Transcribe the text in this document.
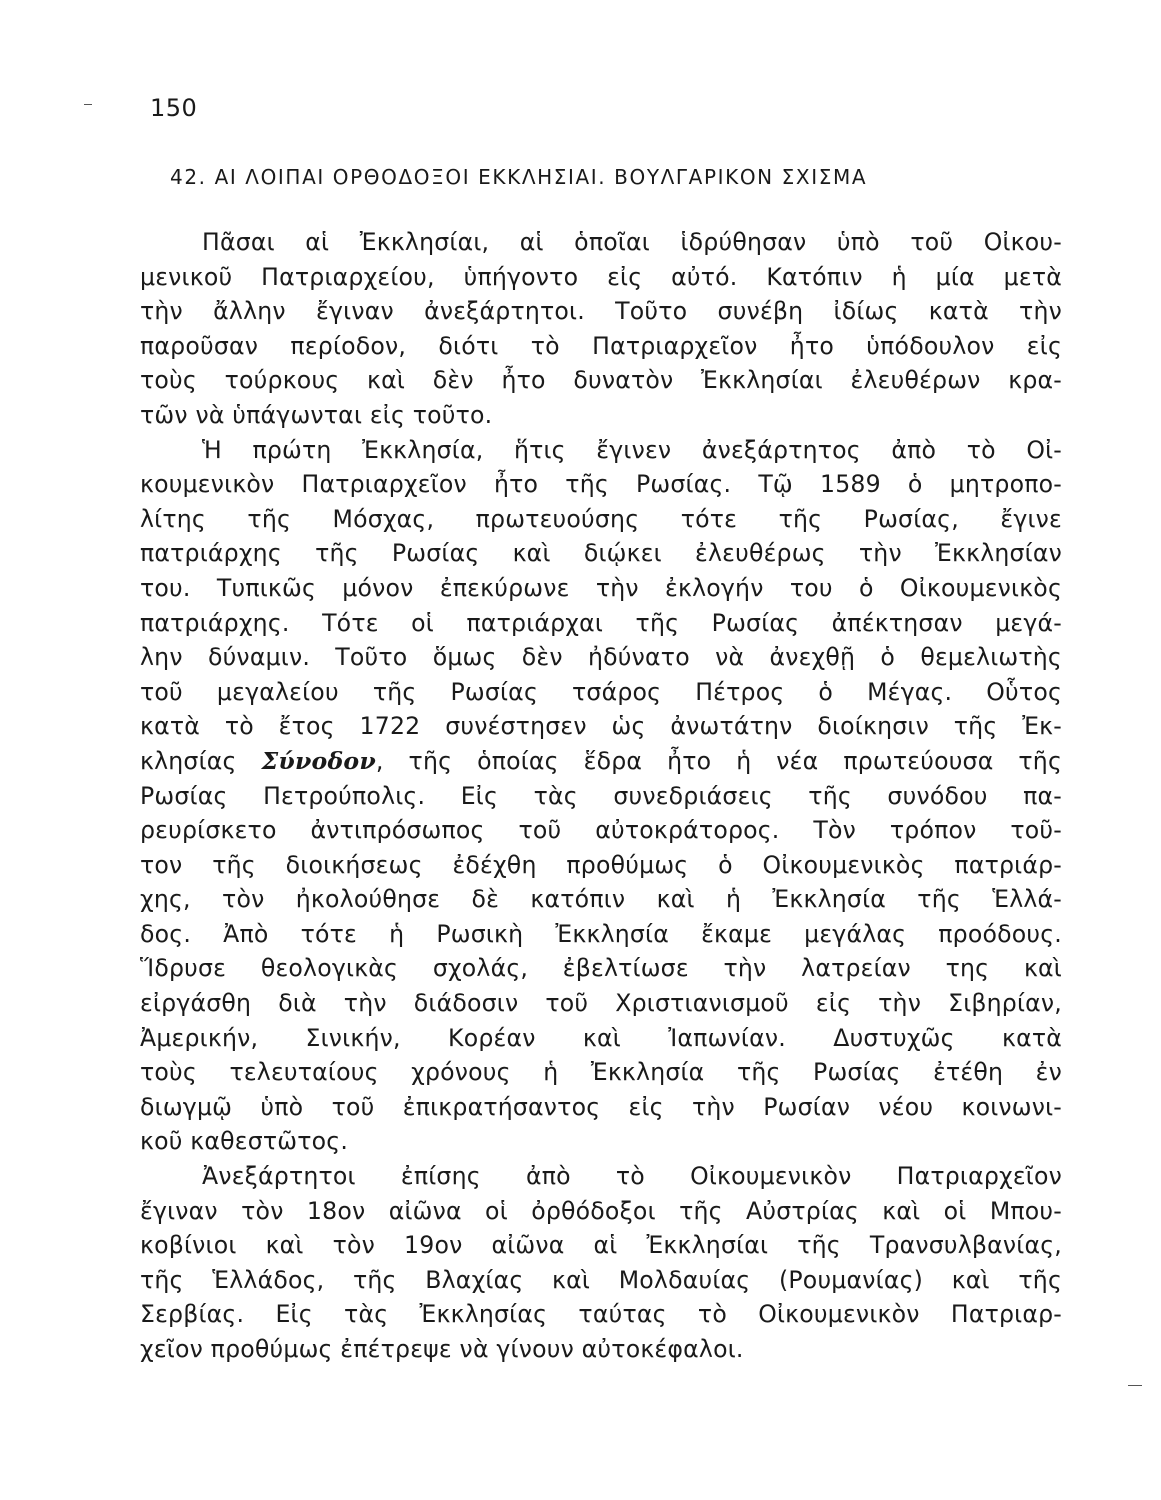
150
42. ΑΙ ΛΟΙΠΑΙ ΟΡΘΟΔΟΞΟΙ ΕΚΚΛΗΣΙΑΙ. ΒΟΥΛΓΑΡΙΚΟΝ ΣΧΙΣΜΑ
Πᾶσαι αἱ Ἐκκλησίαι, αἱ ὁποῖαι ἱδρύθησαν ὑπὸ τοῦ Οἰκου-
μενικοῦ Πατριαρχείου, ὑπήγοντο εἰς αὐτό. Κατόπιν ἡ μία μετὰ
τὴν ἄλλην ἔγιναν ἀνεξάρτητοι. Τοῦτο συνέβη ἰδίως κατὰ τὴν
παροῦσαν περίοδον, διότι τὸ Πατριαρχεῖον ἦτο ὑπόδουλον εἰς
τοὺς τούρκους καὶ δὲν ἦτο δυνατὸν Ἐκκλησίαι ἐλευθέρων κρα-
τῶν νὰ ὑπάγωνται εἰς τοῦτο.
Ἡ πρώτη Ἐκκλησία, ἥτις ἔγινεν ἀνεξάρτητος ἀπὸ τὸ Οἰ-
κουμενικὸν Πατριαρχεῖον ἦτο τῆς Ρωσίας. Τῷ 1589 ὁ μητροπο-
λίτης τῆς Μόσχας, πρωτευούσης τότε τῆς Ρωσίας, ἔγινε
πατριάρχης τῆς Ρωσίας καὶ διῴκει ἐλευθέρως τὴν Ἐκκλησίαν
του. Τυπικῶς μόνον ἐπεκύρωνε τὴν ἐκλογήν του ὁ Οἰκουμενικὸς
πατριάρχης. Τότε οἱ πατριάρχαι τῆς Ρωσίας ἀπέκτησαν μεγά-
λην δύναμιν. Τοῦτο ὅμως δὲν ἠδύνατο νὰ ἀνεχθῇ ὁ θεμελιωτὴς
τοῦ μεγαλείου τῆς Ρωσίας τσάρος Πέτρος ὁ Μέγας. Οὗτος
κατὰ τὸ ἔτος 1722 συνέστησεν ὡς ἀνωτάτην διοίκησιν τῆς Ἐκ-
κλησίας Σύνοδον, τῆς ὁποίας ἕδρα ἦτο ἡ νέα πρωτεύουσα τῆς
Ρωσίας Πετρούπολις. Εἰς τὰς συνεδριάσεις τῆς συνόδου πα-
ρευρίσκετο ἀντιπρόσωπος τοῦ αὐτοκράτορος. Τὸν τρόπον τοῦ-
τον τῆς διοικήσεως ἐδέχθη προθύμως ὁ Οἰκουμενικὸς πατριάρ-
χης, τὸν ἠκολούθησε δὲ κατόπιν καὶ ἡ Ἐκκλησία τῆς Ἑλλά-
δος. Ἀπὸ τότε ἡ Ρωσικὴ Ἐκκλησία ἔκαμε μεγάλας προόδους.
Ἵδρυσε θεολογικὰς σχολάς, ἐβελτίωσε τὴν λατρείαν της καὶ
εἰργάσθη διὰ τὴν διάδοσιν τοῦ Χριστιανισμοῦ εἰς τὴν Σιβηρίαν,
Ἀμερικήν, Σινικήν, Κορέαν καὶ Ἰαπωνίαν. Δυστυχῶς κατὰ
τοὺς τελευταίους χρόνους ἡ Ἐκκλησία τῆς Ρωσίας ἐτέθη ἐν
διωγμῷ ὑπὸ τοῦ ἐπικρατήσαντος εἰς τὴν Ρωσίαν νέου κοινωνι-
κοῦ καθεστῶτος.
Ἀνεξάρτητοι ἐπίσης ἀπὸ τὸ Οἰκουμενικὸν Πατριαρχεῖον
ἔγιναν τὸν 18ον αἰῶνα οἱ ὀρθόδοξοι τῆς Αὐστρίας καὶ οἱ Μπου-
κοβίνιοι καὶ τὸν 19ον αἰῶνα αἱ Ἐκκλησίαι τῆς Τρανσυλβανίας,
τῆς Ἑλλάδος, τῆς Βλαχίας καὶ Μολδαυίας (Ρουμανίας) καὶ τῆς
Σερβίας. Εἰς τὰς Ἐκκλησίας ταύτας τὸ Οἰκουμενικὸν Πατριαρ-
χεῖον προθύμως ἐπέτρεψε νὰ γίνουν αὐτοκέφαλοι.
